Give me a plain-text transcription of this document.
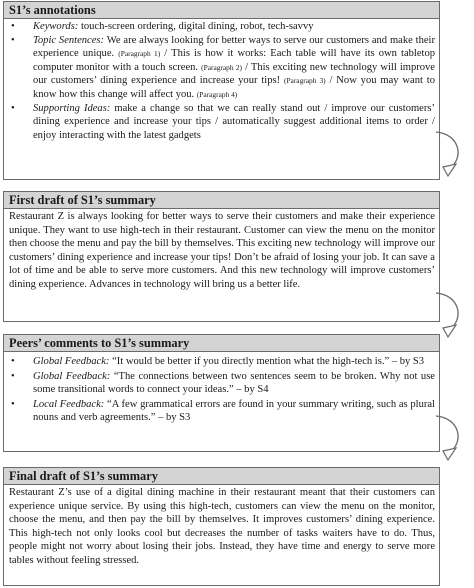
S1’s annotations
• Keywords: touch-screen ordering, digital dining, robot, tech-savvy
• Topic Sentences: We are always looking for better ways to serve our customers and make their experience unique. (Paragraph 1) / This is how it works: Each table will have its own tabletop computer monitor with a touch screen. (Paragraph 2) / This exciting new technology will improve our customers’ dining experience and increase your tips! (Paragraph 3) / Now you may want to know how this change will affect you. (Paragraph 4)
• Supporting Ideas: make a change so that we can really stand out / improve our customers’ dining experience and increase your tips / automatically suggest additional items to order / enjoy interacting with the latest gadgets
First draft of S1’s summary
Restaurant Z is always looking for better ways to serve their customers and make their experience unique. They want to use high-tech in their restaurant. Customer can view the menu on the monitor then choose the menu and pay the bill by themselves. This exciting new technology will improve our customers’ dining experience and increase your tips! Don’t be afraid of losing your job. It can save a lot of time and be able to serve more customers. And this new technology will improve customers’ dining experience. Advances in technology will bring us a better life.
Peers’ comments to S1’s summary
• Global Feedback: “It would be better if you directly mention what the high-tech is.” – by S3
• Global Feedback: “The connections between two sentences seem to be broken. Why not use some transitional words to connect your ideas.” – by S4
• Local Feedback: “A few grammatical errors are found in your summary writing, such as plural nouns and verb agreements.” – by S3
Final draft of S1’s summary
Restaurant Z’s use of a digital dining machine in their restaurant meant that their customers can experience unique service. By using this high-tech, customers can view the menu on the monitor, choose the menu, and then pay the bill by themselves. It improves customers’ dining experience. This high-tech not only looks cool but decreases the number of tasks waiters have to do. Thus, people might not worry about losing their jobs. Instead, they have time and energy to serve more tables without feeling stressed.
